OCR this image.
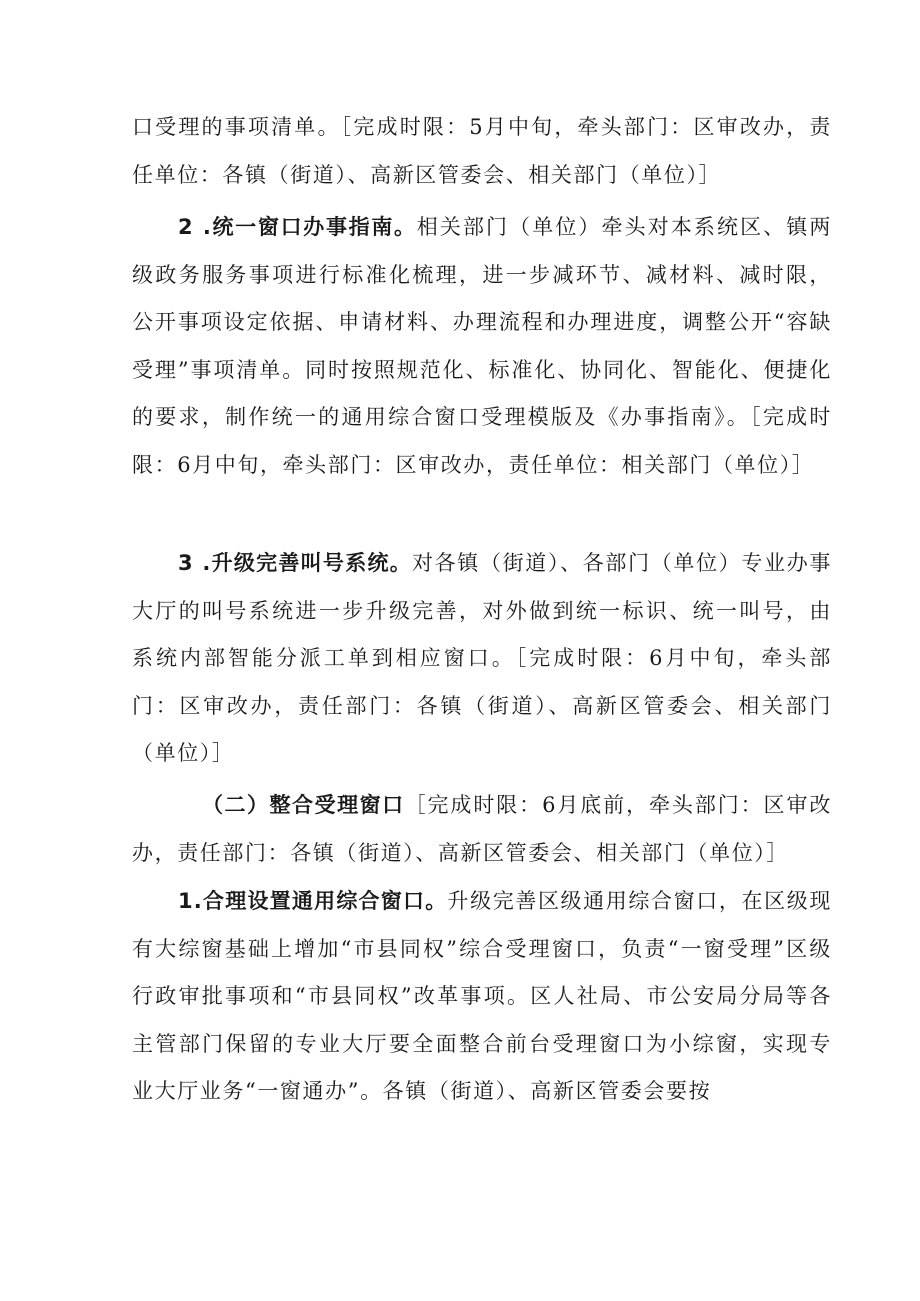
口受理的事项清单。［完成时限：5月中旬，牵头部门：区审改办，责任单位：各镇（街道）、高新区管委会、相关部门（单位）］

2 .统一窗口办事指南。相关部门（单位）牵头对本系统区、镇两级政务服务事项进行标准化梳理，进一步减环节、减材料、减时限，公开事项设定依据、申请材料、办理流程和办理进度，调整公开“容缺受理”事项清单。同时按照规范化、标准化、协同化、智能化、便捷化的要求，制作统一的通用综合窗口受理模版及《办事指南》。［完成时限：6月中旬，牵头部门：区审改办，责任单位：相关部门（单位）］

3 .升级完善叫号系统。对各镇（街道）、各部门（单位）专业办事大厅的叫号系统进一步升级完善，对外做到统一标识、统一叫号，由系统内部智能分派工单到相应窗口。［完成时限：6月中旬，牵头部门：区审改办，责任部门：各镇（街道）、高新区管委会、相关部门（单位）］

（二）整合受理窗口［完成时限：6月底前，牵头部门：区审改办，责任部门：各镇（街道）、高新区管委会、相关部门（单位）］

1.合理设置通用综合窗口。升级完善区级通用综合窗口，在区级现有大综窗基础上增加“市县同权”综合受理窗口，负责“一窗受理”区级行政审批事项和“市县同权”改革事项。区人社局、市公安局分局等各主管部门保留的专业大厅要全面整合前台受理窗口为小综窗，实现专业大厅业务“一窗通办”。各镇（街道）、高新区管委会要按
